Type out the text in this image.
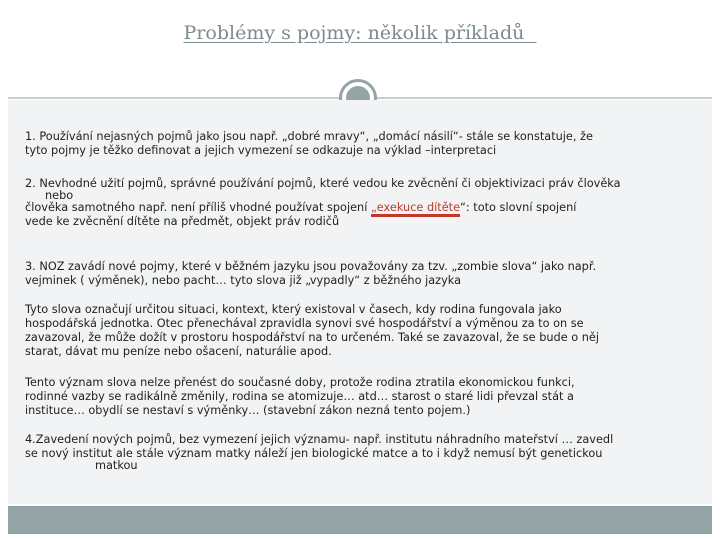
Problémy s pojmy: několik příkladů
1. Používání nejasných pojmů jako jsou např. „dobré mravy“, „domácí násilí“- stále se konstatuje, že
tyto pojmy je těžko definovat a jejich vymezení se odkazuje na výklad –interpretaci
2. Nevhodné užití pojmů, správné používání pojmů, které vedou ke zvěcnění či objektivizaci práv člověka
nebo
člověka samotného např. není příliš vhodné používat spojení „exekuce dítěte“: toto slovní spojení
vede ke zvěcnění dítěte na předmět, objekt práv rodičů
3. NOZ zavádí nové pojmy, které v běžném jazyku jsou považovány za tzv. „zombie slova“ jako např.
vejminek ( výměnek), nebo pacht… tyto slova již „vypadly“ z běžného jazyka
Tyto slova označují určitou situaci, kontext, který existoval v časech, kdy rodina fungovala jako
hospodářská jednotka. Otec přenechával zpravidla synovi své hospodářství a výměnou za to on se
zavazoval, že může dožít v prostoru hospodářství na to určeném. Také se zavazoval, že se bude o něj
starat, dávat mu peníze nebo ošacení, naturálie apod.
Tento význam slova nelze přenést do současné doby, protože rodina ztratila ekonomickou funkci,
rodinné vazby se radikálně změnily, rodina se atomizuje… atd… starost o staré lidi převzal stát a
instituce… obydlí se nestaví s výměnky… (stavební zákon nezná tento pojem.)
4.Zavedení nových pojmů, bez vymezení jejich významu- např. institutu náhradního mateřství … zavedl
se nový institut ale stále význam matky náleží jen biologické matce a to i když nemusí být genetickou
matkou
